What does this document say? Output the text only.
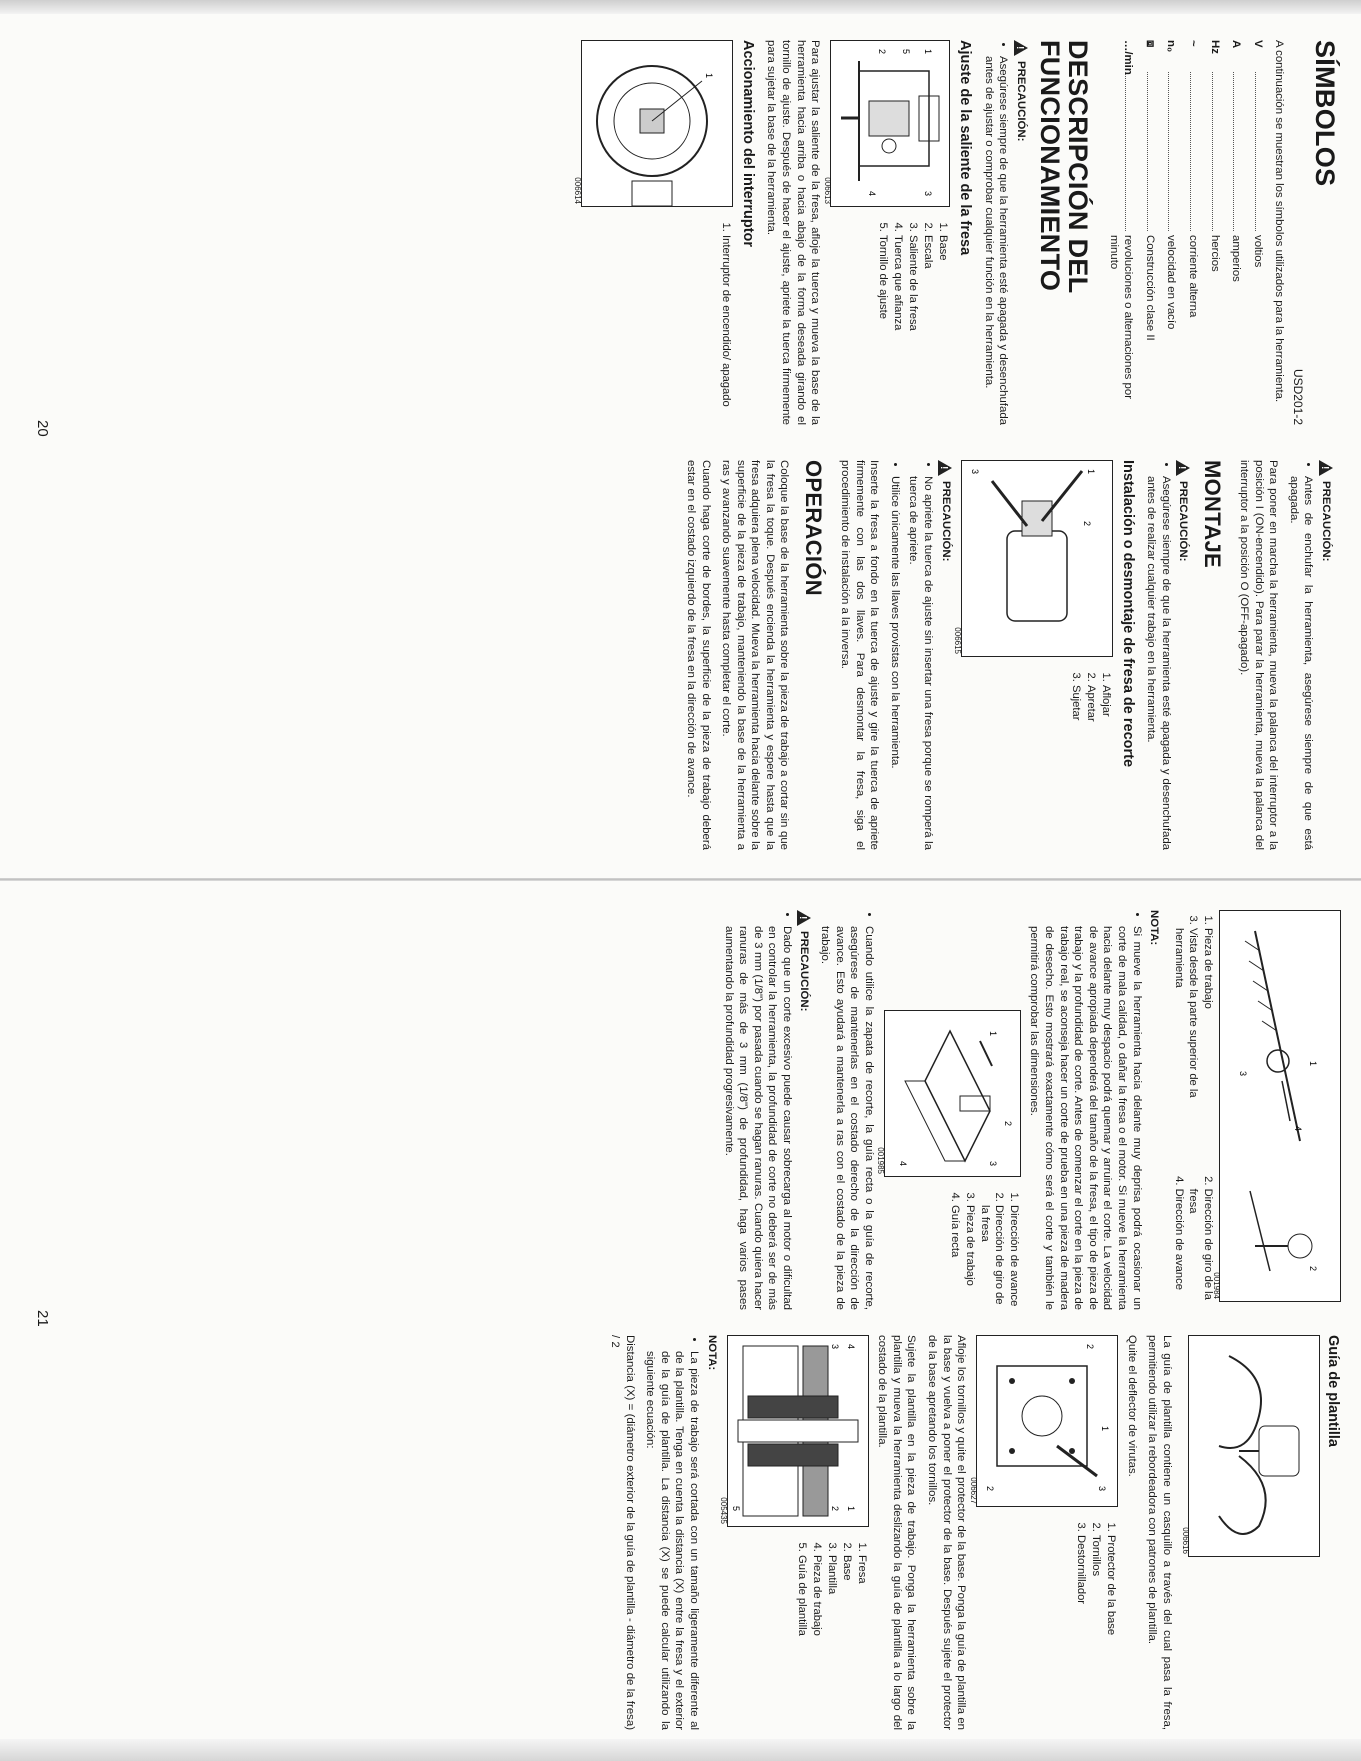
SÍMBOLOS
USD201-2

A continuación se muestran los símbolos utilizados para la herramienta.

V
voltios
A
amperios
Hz
hercios
~
corriente alterna
n₀
velocidad en vacío
⧈
Construcción clase II
…/min
revoluciones o alternaciones por minuto
DESCRIPCIÓN DEL FUNCIONAMIENTO
!
PRECAUCIÓN:
• Asegúrese siempre de que la herramienta esté apagada y desenchufada antes de ajustar o comprobar cualquier función en la herramienta.
Ajuste de la saliente de la fresa
1
5
2
3
4
006613
1. Base
2. Escala
3. Saliente de la fresa
4. Tuerca que afianza
5. Tornillo de ajuste

Para ajustar la saliente de la fresa, afloje la tuerca y mueva la base de la herramienta hacia arriba o hacia abajo de la forma deseada girando el tornillo de ajuste. Después de hacer el ajuste, apriete la tuerca firmemente para sujetar la base de la herramienta.

Accionamiento del interruptor
1
006614
1. Interruptor de encendido/ apagado
!
PRECAUCIÓN:
• Antes de enchufar la herramienta, asegúrese siempre de que está apagada.

Para poner en marcha la herramienta, mueva la palanca del interruptor a la posición I (ON-encendido). Para parar la herramienta, mueva la palanca del interruptor a la posición O (OFF-apagado).

MONTAJE
!
PRECAUCIÓN:
• Asegúrese siempre de que la herramienta esté apagada y desenchufada antes de realizar cualquier trabajo en la herramienta.
Instalación o desmontaje de fresa de recorte
1
2
3
006615
1. Aflojar
2. Apretar
3. Sujetar
!
PRECAUCIÓN:
• No apriete la tuerca de ajuste sin insertar una fresa porque se romperá la tuerca de apriete.
• Utilice únicamente las llaves provistas con la herramienta.

Inserte la fresa a fondo en la tuerca de ajuste y gire la tuerca de apriete firmemente con las dos llaves. Para desmontar la fresa, siga el procedimiento de instalación a la inversa.

OPERACIÓN

Coloque la base de la herramienta sobre la pieza de trabajo a cortar sin que la fresa la toque. Después encienda la herramienta y espere hasta que la fresa adquiera plena velocidad. Mueva la herramienta hacia delante sobre la superficie de la pieza de trabajo, manteniendo la base de la herramienta a ras y avanzando suavemente hasta completar el corte.

Cuando haga corte de bordes, la superficie de la pieza de trabajo deberá estar en el costado izquierdo de la fresa en la dirección de avance.

20
1
4
3
2
001984
1. Pieza de trabajo
3. Vista desde la parte superior de la herramienta
2. Dirección de giro de la fresa
4. Dirección de avance
NOTA:
• Si mueve la herramienta hacia delante muy deprisa podrá ocasionar un corte de mala calidad, o dañar la fresa o el motor. Si mueve la herramienta hacia delante muy despacio podrá quemar y arruinar el corte. La velocidad de avance apropiada dependerá del tamaño de la fresa, el tipo de pieza de trabajo y la profundidad de corte. Antes de comenzar el corte en la pieza de trabajo real, se aconseja hacer un corte de prueba en una pieza de madera de desecho. Esto mostrará exactamente cómo será el corte y también le permitirá comprobar las dimensiones.
1
2
3
4
001985
1. Dirección de avance
2. Dirección de giro de la fresa
3. Pieza de trabajo
4. Guía recta
• Cuando utilice la zapata de recorte, la guía recta o la guía de recorte, asegúrese de mantenerlas en el costado derecho de la dirección de avance. Esto ayudará a mantenerla a ras con el costado de la pieza de trabajo.
!
PRECAUCIÓN:
• Dado que un corte excesivo puede causar sobrecarga al motor o dificultad en controlar la herramienta, la profundidad de corte no deberá ser de más de 3 mm (1/8") por pasada cuando se hagan ranuras. Cuando quiera hacer ranuras de más de 3 mm (1/8") de profundidad, haga varios pases aumentando la profundidad progresivamente.
Guía de plantilla
006616

La guía de plantilla contiene un casquillo a través del cual pasa la fresa, permitiendo utilizar la rebordeadora con patrones de plantilla.

Quite el deflector de virutas.

3
2
1
2
006627
1. Protector de la base
2. Tornillos
3. Destornillador

Afloje los tornillos y quite el protector de la base. Ponga la guía de plantilla en la base y vuelva a poner el protector de la base. Después sujete el protector de la base apretando los tornillos.

Sujete la plantilla en la pieza de trabajo. Ponga la herramienta sobre la plantilla y mueva la herramienta deslizando la guía de plantilla a lo largo del costado de la plantilla.

4
3
1
2
5
005435
1. Fresa
2. Base
3. Plantilla
4. Pieza de trabajo
5. Guía de plantilla
NOTA:
• La pieza de trabajo será cortada con un tamaño ligeramente diferente al de la plantilla. Tenga en cuenta la distancia (X) entre la fresa y el exterior de la guía de plantilla. La distancia (X) se puede calcular utilizando la siguiente ecuación:

Distancia (X) = (diámetro exterior de la guía de plantilla - diámetro de la fresa) / 2

21
